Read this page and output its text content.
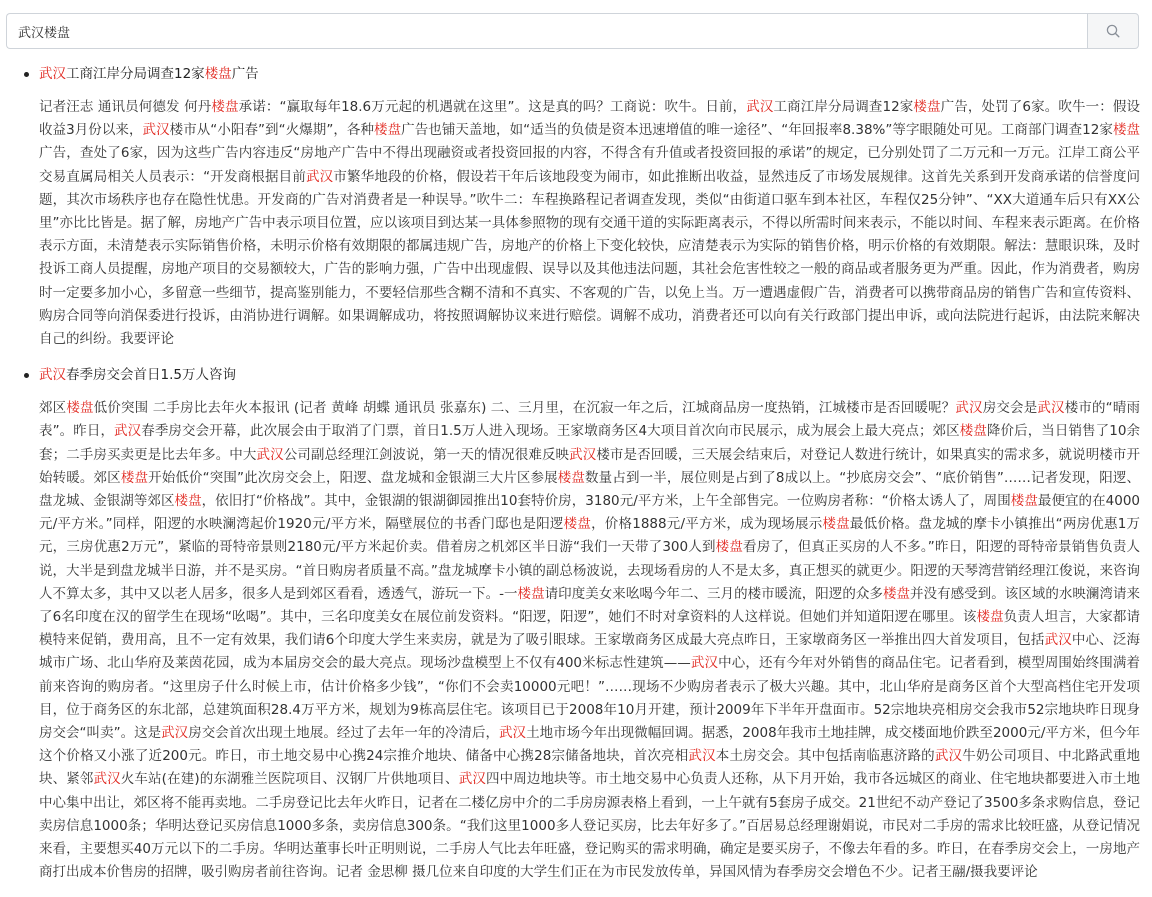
武汉楼盘
武汉工商江岸分局调查12家楼盘广告

记者汪志 通讯员何德发 何丹楼盘承诺：“赢取每年18.6万元起的机遇就在这里”。这是真的吗？工商说：吹牛。日前，武汉工商江岸分局调查12家楼盘广告，处罚了6家。吹牛一：假设收益3月份以来，武汉楼市从“小阳春”到“火爆期”，各种楼盘广告也铺天盖地，如“适当的负债是资本迅速增值的唯一途径”、“年回报率8.38%”等字眼随处可见。工商部门调查12家楼盘广告，查处了6家，因为这些广告内容违反“房地产广告中不得出现融资或者投资回报的内容，不得含有升值或者投资回报的承诺”的规定，已分别处罚了二万元和一万元。江岸工商公平交易直属局相关人员表示：“开发商根据目前武汉市繁华地段的价格，假设若干年后该地段变为闹市，如此推断出收益，显然违反了市场发展规律。这首先关系到开发商承诺的信誉度问题，其次市场秩序也存在隐性忧患。开发商的广告对消费者是一种误导。”吹牛二：车程换路程记者调查发现，类似“由街道口驱车到本社区，车程仅25分钟”、“XX大道通车后只有XX公里”亦比比皆是。据了解，房地产广告中表示项目位置，应以该项目到达某一具体参照物的现有交通干道的实际距离表示，不得以所需时间来表示，不能以时间、车程来表示距离。在价格表示方面，未清楚表示实际销售价格，未明示价格有效期限的都属违规广告，房地产的价格上下变化较快，应清楚表示为实际的销售价格，明示价格的有效期限。解法：慧眼识珠，及时投诉工商人员提醒，房地产项目的交易额较大，广告的影响力强，广告中出现虚假、误导以及其他违法问题，其社会危害性较之一般的商品或者服务更为严重。因此，作为消费者，购房时一定要多加小心，多留意一些细节，提高鉴别能力，不要轻信那些含糊不清和不真实、不客观的广告，以免上当。万一遭遇虚假广告，消费者可以携带商品房的销售广告和宣传资料、购房合同等向消保委进行投诉，由消协进行调解。如果调解成功，将按照调解协议来进行赔偿。调解不成功，消费者还可以向有关行政部门提出申诉，或向法院进行起诉，由法院来解决自己的纠纷。我要评论

武汉春季房交会首日1.5万人咨询

郊区楼盘低价突围 二手房比去年火本报讯 (记者 黄峰 胡蝶 通讯员 张嘉东) 二、三月里，在沉寂一年之后，江城商品房一度热销，江城楼市是否回暖呢？武汉房交会是武汉楼市的“晴雨表”。昨日，武汉春季房交会开幕，此次展会由于取消了门票，首日1.5万人进入现场。王家墩商务区4大项目首次向市民展示，成为展会上最大亮点；郊区楼盘降价后，当日销售了10余套；二手房买卖更是比去年多。中大武汉公司副总经理江剑波说，第一天的情况很难反映武汉楼市是否回暖，三天展会结束后，对登记人数进行统计，如果真实的需求多，就说明楼市开始转暖。郊区楼盘开始低价“突围”此次房交会上，阳逻、盘龙城和金银湖三大片区参展楼盘数量占到一半，展位则是占到了8成以上。“抄底房交会”、“底价销售”……记者发现，阳逻、盘龙城、金银湖等郊区楼盘，依旧打“价格战”。其中，金银湖的银湖御园推出10套特价房，3180元/平方米，上午全部售完。一位购房者称：“价格太诱人了，周围楼盘最便宜的在4000元/平方米。”同样，阳逻的水映澜湾起价1920元/平方米，隔壁展位的书香门邸也是阳逻楼盘，价格1888元/平方米，成为现场展示楼盘最低价格。盘龙城的摩卡小镇推出“两房优惠1万元，三房优惠2万元”，紧临的哥特帝景则2180元/平方米起价卖。借着房之机郊区半日游“我们一天带了300人到楼盘看房了，但真正买房的人不多。”昨日，阳逻的哥特帝景销售负责人说，大半是到盘龙城半日游，并不是买房。“首日购房者质量不高。”盘龙城摩卡小镇的副总杨波说，去现场看房的人不是太多，真正想买的就更少。阳逻的天琴湾营销经理江俊说，来咨询人不算太多，其中又以老人居多，很多人是到郊区看看，透透气，游玩一下。-一楼盘请印度美女来吆喝今年二、三月的楼市暖流，阳逻的众多楼盘并没有感受到。该区域的水映澜湾请来了6名印度在汉的留学生在现场“吆喝”。其中，三名印度美女在展位前发资料。“阳逻，阳逻”，她们不时对拿资料的人这样说。但她们并知道阳逻在哪里。该楼盘负责人坦言，大家都请模特来促销，费用高，且不一定有效果，我们请6个印度大学生来卖房，就是为了吸引眼球。王家墩商务区成最大亮点昨日，王家墩商务区一举推出四大首发项目，包括武汉中心、泛海城市广场、北山华府及莱茵花园，成为本届房交会的最大亮点。现场沙盘模型上不仅有400米标志性建筑——武汉中心，还有今年对外销售的商品住宅。记者看到，模型周围始终围满着前来咨询的购房者。“这里房子什么时候上市，估计价格多少钱”，“你们不会卖10000元吧！”……现场不少购房者表示了极大兴趣。其中，北山华府是商务区首个大型高档住宅开发项目，位于商务区的东北部，总建筑面积28.4万平方米，规划为9栋高层住宅。该项目已于2008年10月开建，预计2009年下半年开盘面市。52宗地块亮相房交会我市52宗地块昨日现身房交会“叫卖”。这是武汉房交会首次出现土地展。经过了去年一年的冷清后，武汉土地市场今年出现微幅回调。据悉，2008年我市土地挂牌，成交楼面地价跌至2000元/平方米，但今年这个价格又小涨了近200元。昨日，市土地交易中心携24宗推介地块、储备中心携28宗储备地块，首次亮相武汉本土房交会。其中包括南临惠济路的武汉牛奶公司项目、中北路武重地块、紧邻武汉火车站(在建)的东湖雅兰医院项目、汉钢厂片供地项目、武汉四中周边地块等。市土地交易中心负责人还称，从下月开始，我市各远城区的商业、住宅地块都要进入市土地中心集中出让，郊区将不能再卖地。二手房登记比去年火昨日，记者在二楼亿房中介的二手房房源表格上看到，一上午就有5套房子成交。21世纪不动产登记了3500多条求购信息，登记卖房信息1000条；华明达登记买房信息1000多条，卖房信息300条。“我们这里1000多人登记买房，比去年好多了。”百居易总经理谢娟说，市民对二手房的需求比较旺盛，从登记情况来看，主要想买40万元以下的二手房。华明达董事长叶正明则说，二手房人气比去年旺盛，登记购买的需求明确，确定是要买房子，不像去年看的多。昨日，在春季房交会上，一房地产商打出成本价售房的招牌，吸引购房者前往咨询。记者 金思柳 摄几位来自印度的大学生们正在为市民发放传单，异国风情为春季房交会增色不少。记者王翮/摄我要评论
